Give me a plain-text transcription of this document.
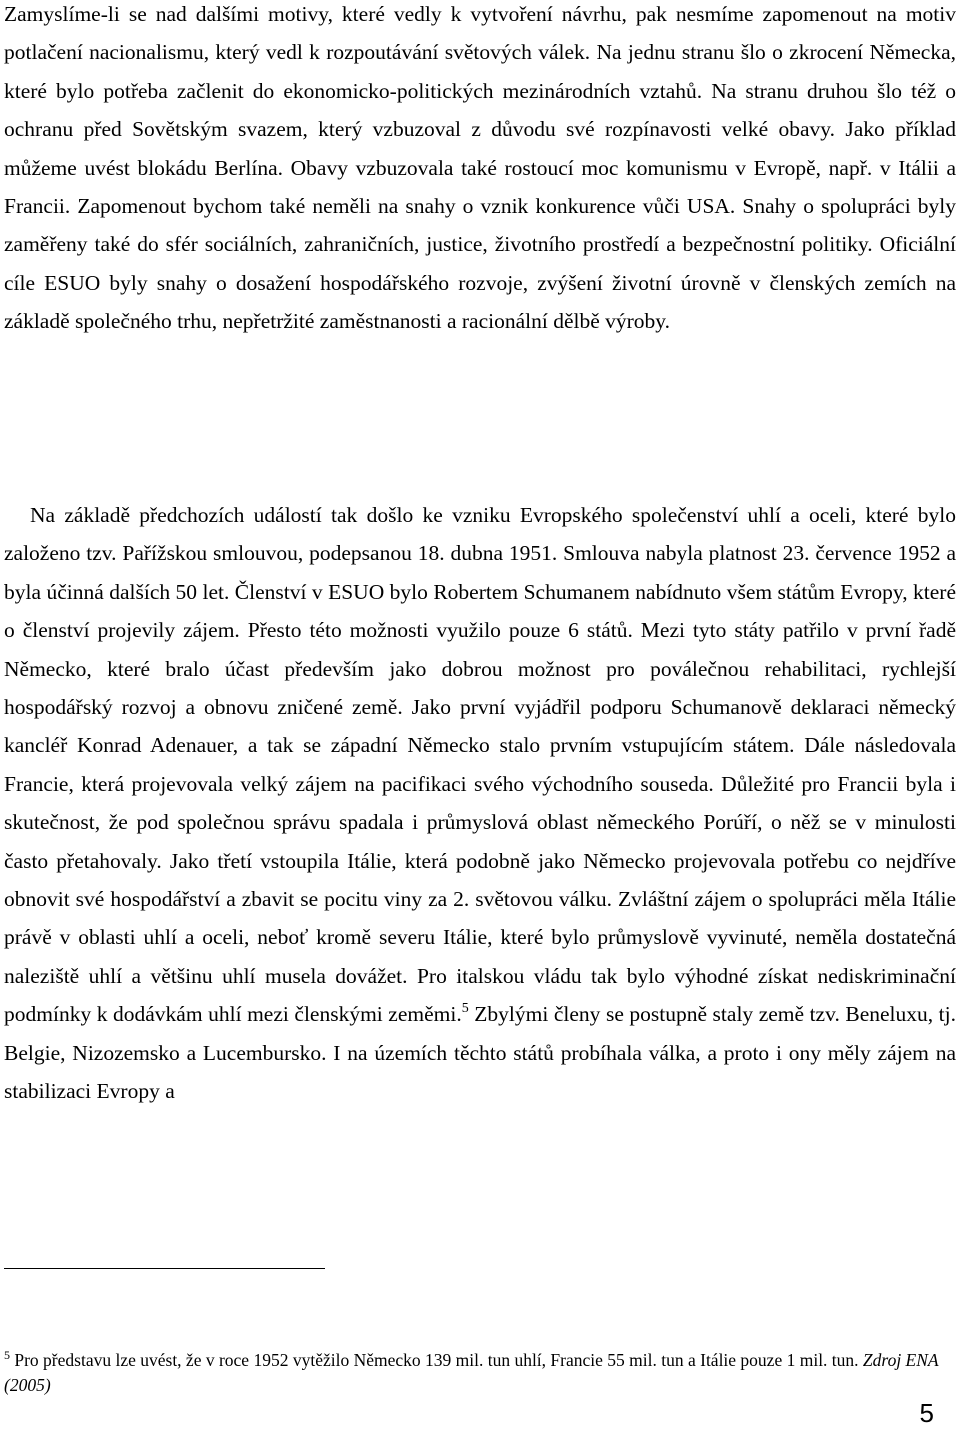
Zamyslíme-li se nad dalšími motivy, které vedly k vytvoření návrhu, pak nesmíme zapomenout na motiv potlačení nacionalismu, který vedl k rozpoutávání světových válek. Na jednu stranu šlo o zkrocení Německa, které bylo potřeba začlenit do ekonomicko-politických mezinárodních vztahů. Na stranu druhou šlo též o ochranu před Sovětským svazem, který vzbuzoval z důvodu své rozpínavosti velké obavy. Jako příklad můžeme uvést blokádu Berlína. Obavy vzbuzovala také rostoucí moc komunismu v Evropě, např. v Itálii a Francii. Zapomenout bychom také neměli na snahy o vznik konkurence vůči USA. Snahy o spolupráci byly zaměřeny také do sfér sociálních, zahraničních, justice, životního prostředí a bezpečnostní politiky. Oficiální cíle ESUO byly snahy o dosažení hospodářského rozvoje, zvýšení životní úrovně v členských zemích na základě společného trhu, nepřetržité zaměstnanosti a racionální dělbě výroby.

Na základě předchozích událostí tak došlo ke vzniku Evropského společenství uhlí a oceli, které bylo založeno tzv. Pařížskou smlouvou, podepsanou 18. dubna 1951. Smlouva nabyla platnost 23. července 1952 a byla účinná dalších 50 let. Členství v ESUO bylo Robertem Schumanem nabídnuto všem státům Evropy, které o členství projevily zájem. Přesto této možnosti využilo pouze 6 států. Mezi tyto státy patřilo v první řadě Německo, které bralo účast především jako dobrou možnost pro poválečnou rehabilitaci, rychlejší hospodářský rozvoj a obnovu zničené země. Jako první vyjádřil podporu Schumanově deklaraci německý kancléř Konrad Adenauer, a tak se západní Německo stalo prvním vstupujícím státem. Dále následovala Francie, která projevovala velký zájem na pacifikaci svého východního souseda. Důležité pro Francii byla i skutečnost, že pod společnou správu spadala i průmyslová oblast německého Porúří, o něž se v minulosti často přetahovaly. Jako třetí vstoupila Itálie, která podobně jako Německo projevovala potřebu co nejdříve obnovit své hospodářství a zbavit se pocitu viny za 2. světovou válku. Zvláštní zájem o spolupráci měla Itálie právě v oblasti uhlí a oceli, neboť kromě severu Itálie, které bylo průmyslově vyvinuté, neměla dostatečná naleziště uhlí a většinu uhlí musela dovážet. Pro italskou vládu tak bylo výhodné získat nediskriminační podmínky k dodávkám uhlí mezi členskými zeměmi.$^5$ Zbylými členy se postupně staly země tzv. Beneluxu, tj. Belgie, Nizozemsko a Lucembursko. I na územích těchto států probíhala válka, a proto i ony měly zájem na stabilizaci Evropy a

$^5$ Pro představu lze uvést, že v roce 1952 vytěžilo Německo 139 mil. tun uhlí, Francie 55 mil. tun a Itálie pouze 1 mil. tun. Zdroj ENA (2005)

5
